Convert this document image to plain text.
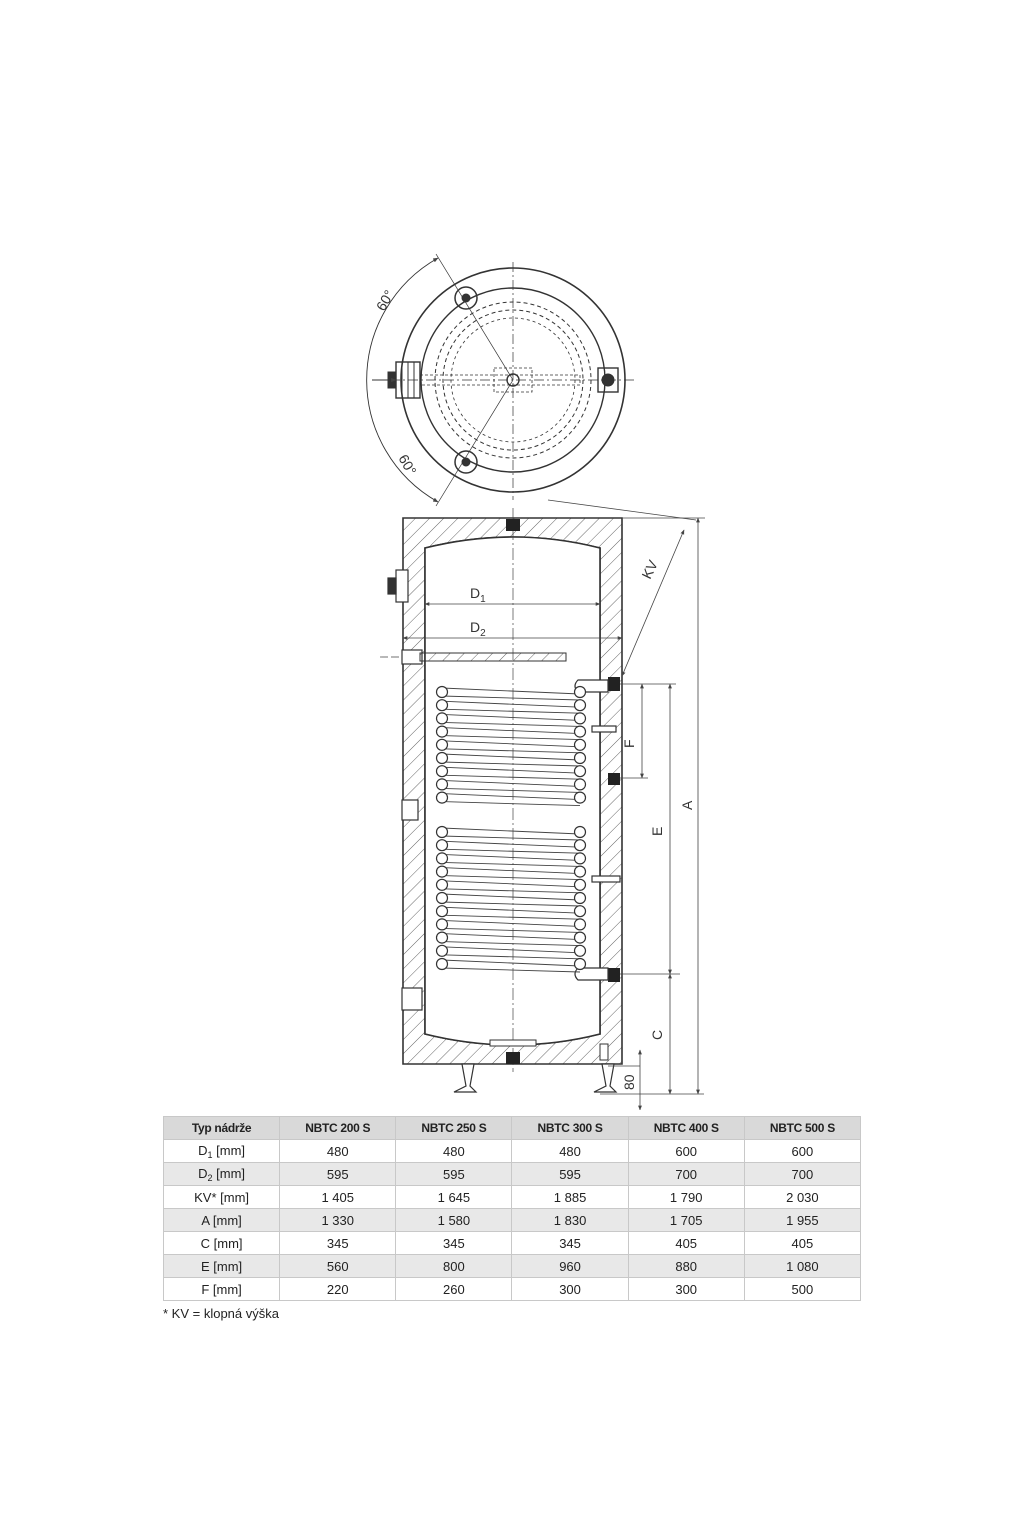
60°
60°
$D_1$
$D_2$
KV
F
E
A
C
80
Typ nádrže	NBTC 200 S	NBTC 250 S	NBTC 300 S	NBTC 400 S	NBTC 500 S
$D_1$ [mm]	480	480	480	600	600
$D_2$ [mm]	595	595	595	700	700
KV* [mm]	1 405	1 645	1 885	1 790	2 030
A [mm]	1 330	1 580	1 830	1 705	1 955
C [mm]	345	345	345	405	405
E [mm]	560	800	960	880	1 080
F [mm]	220	260	300	300	500
* KV = klopná výška
